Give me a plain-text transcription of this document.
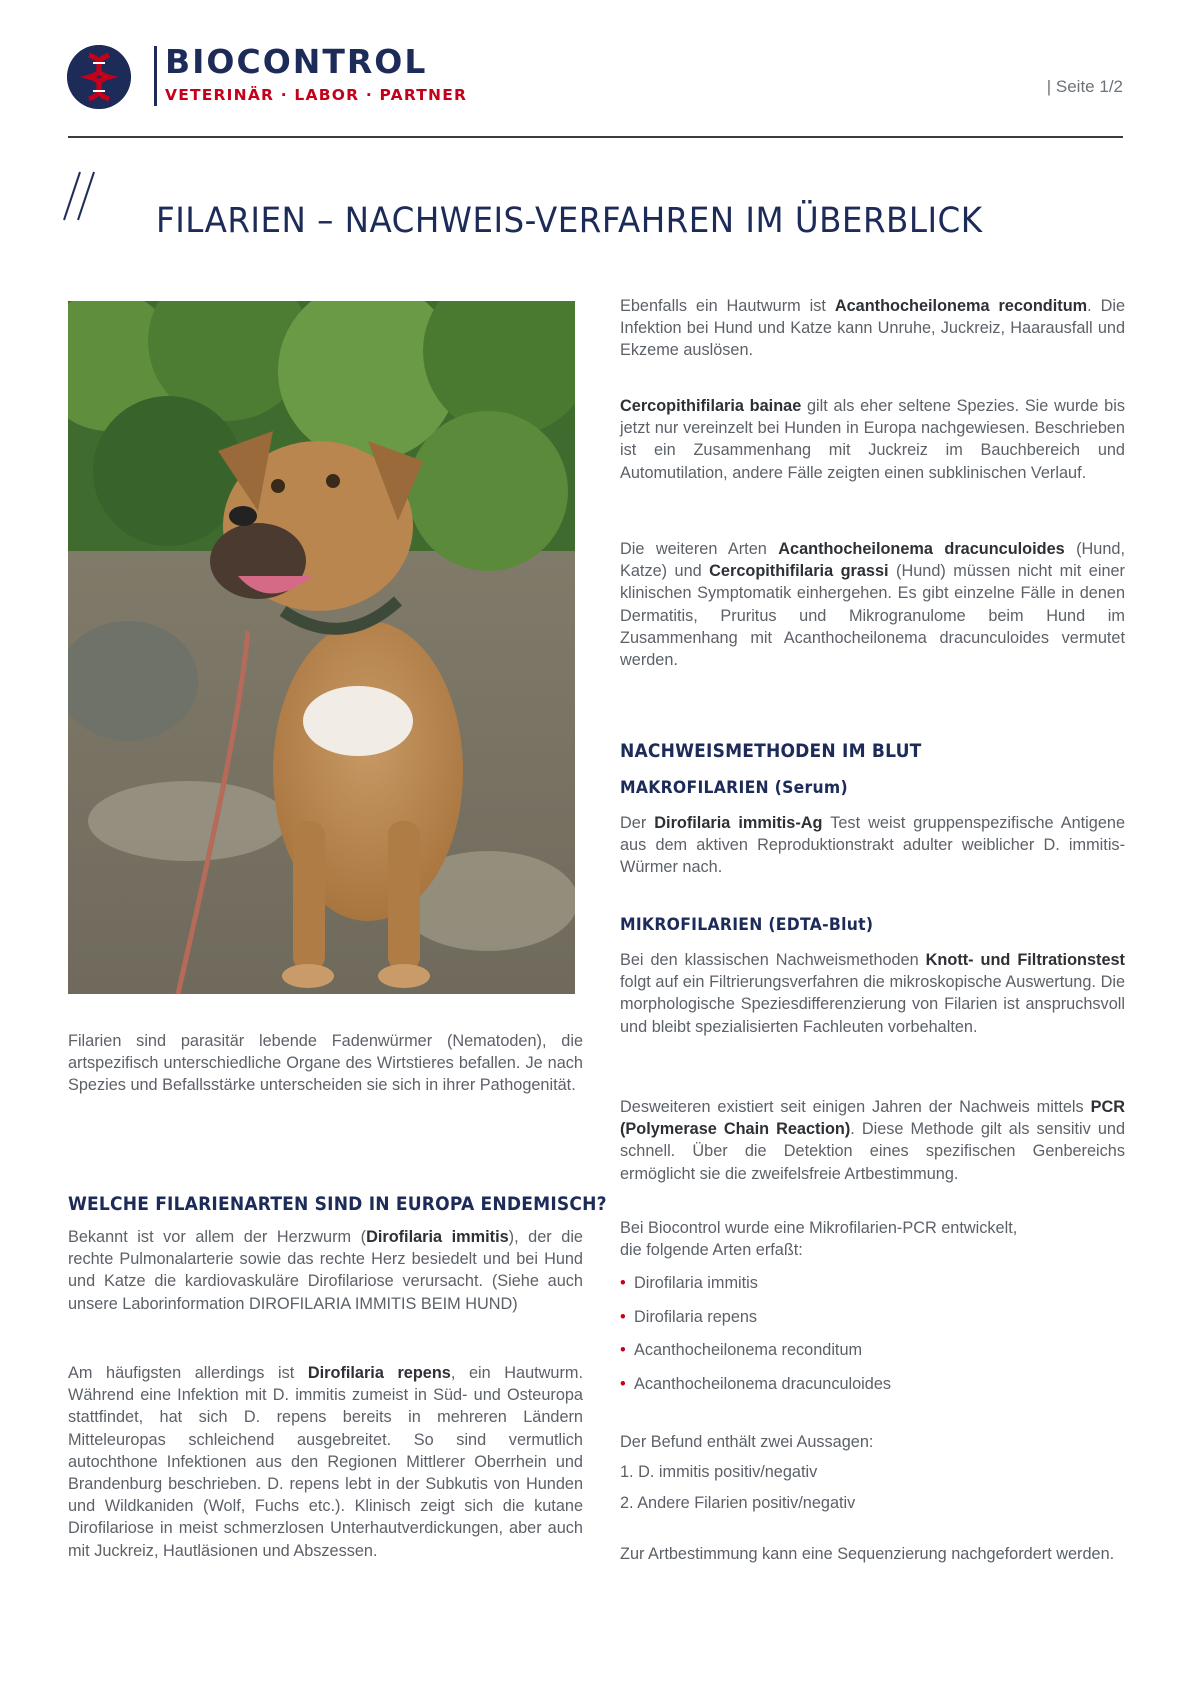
BIOCONTROL
VETERINÄR · LABOR · PARTNER	| Seite 1/2
FILARIEN – NACHWEIS-VERFAHREN IM ÜBERBLICK

Filarien sind parasitär lebende Fadenwürmer (Nematoden), die artspezifisch unterschiedliche Organe des Wirtstieres befallen. Je nach Spezies und Befallsstärke unterscheiden sie sich in ihrer Pathogenität.

WELCHE FILARIENARTEN SIND IN EUROPA ENDEMISCH?

Bekannt ist vor allem der Herzwurm (Dirofilaria immitis), der die rechte Pulmonalarterie sowie das rechte Herz besiedelt und bei Hund und Katze die kardiovaskuläre Dirofilariose verursacht. (Siehe auch unsere Laborinformation DIROFILARIA IMMITIS BEIM HUND)

Am häufigsten allerdings ist Dirofilaria repens, ein Hautwurm. Während eine Infektion mit D. immitis zumeist in Süd- und Osteuropa stattfindet, hat sich D. repens bereits in mehreren Ländern Mitteleuropas schleichend ausgebreitet. So sind vermutlich autochthone Infektionen aus den Regionen Mittlerer Oberrhein und Brandenburg beschrieben. D. repens lebt in der Subkutis von Hunden und Wildkaniden (Wolf, Fuchs etc.). Klinisch zeigt sich die kutane Dirofilariose in meist schmerzlosen Unterhautverdickungen, aber auch mit Juckreiz, Hautläsionen und Abszessen.

Ebenfalls ein Hautwurm ist Acanthocheilonema reconditum. Die Infektion bei Hund und Katze kann Unruhe, Juckreiz, Haarausfall und Ekzeme auslösen.

Cercopithifilaria bainae gilt als eher seltene Spezies. Sie wurde bis jetzt nur vereinzelt bei Hunden in Europa nachgewiesen. Beschrieben ist ein Zusammenhang mit Juckreiz im Bauchbereich und Automutilation, andere Fälle zeigten einen subklinischen Verlauf.

Die weiteren Arten Acanthocheilonema dracunculoides (Hund, Katze) und Cercopithifilaria grassi (Hund) müssen nicht mit einer klinischen Symptomatik einhergehen. Es gibt einzelne Fälle in denen Dermatitis, Pruritus und Mikrogranulome beim Hund im Zusammenhang mit Acanthocheilonema dracunculoides vermutet werden.

NACHWEISMETHODEN IM BLUT
MAKROFILARIEN (Serum)

Der Dirofilaria immitis-Ag Test weist gruppenspezifische Antigene aus dem aktiven Reproduktionstrakt adulter weiblicher D. immitis-Würmer nach.

MIKROFILARIEN (EDTA-Blut)

Bei den klassischen Nachweismethoden Knott- und Filtrationstest folgt auf ein Filtrierungsverfahren die mikroskopische Auswertung. Die morphologische Speziesdifferenzierung von Filarien ist anspruchsvoll und bleibt spezialisierten Fachleuten vorbehalten.

Desweiteren existiert seit einigen Jahren der Nachweis mittels PCR (Polymerase Chain Reaction). Diese Methode gilt als sensitiv und schnell. Über die Detektion eines spezifischen Genbereichs ermöglicht sie die zweifelsfreie Artbestimmung.

Bei Biocontrol wurde eine Mikrofilarien-PCR entwickelt,
die folgende Arten erfaßt:

• Dirofilaria immitis
• Dirofilaria repens
• Acanthocheilonema reconditum
• Acanthocheilonema dracunculoides

Der Befund enthält zwei Aussagen:

1. D. immitis positiv/negativ
2. Andere Filarien positiv/negativ

Zur Artbestimmung kann eine Sequenzierung nachgefordert werden.
